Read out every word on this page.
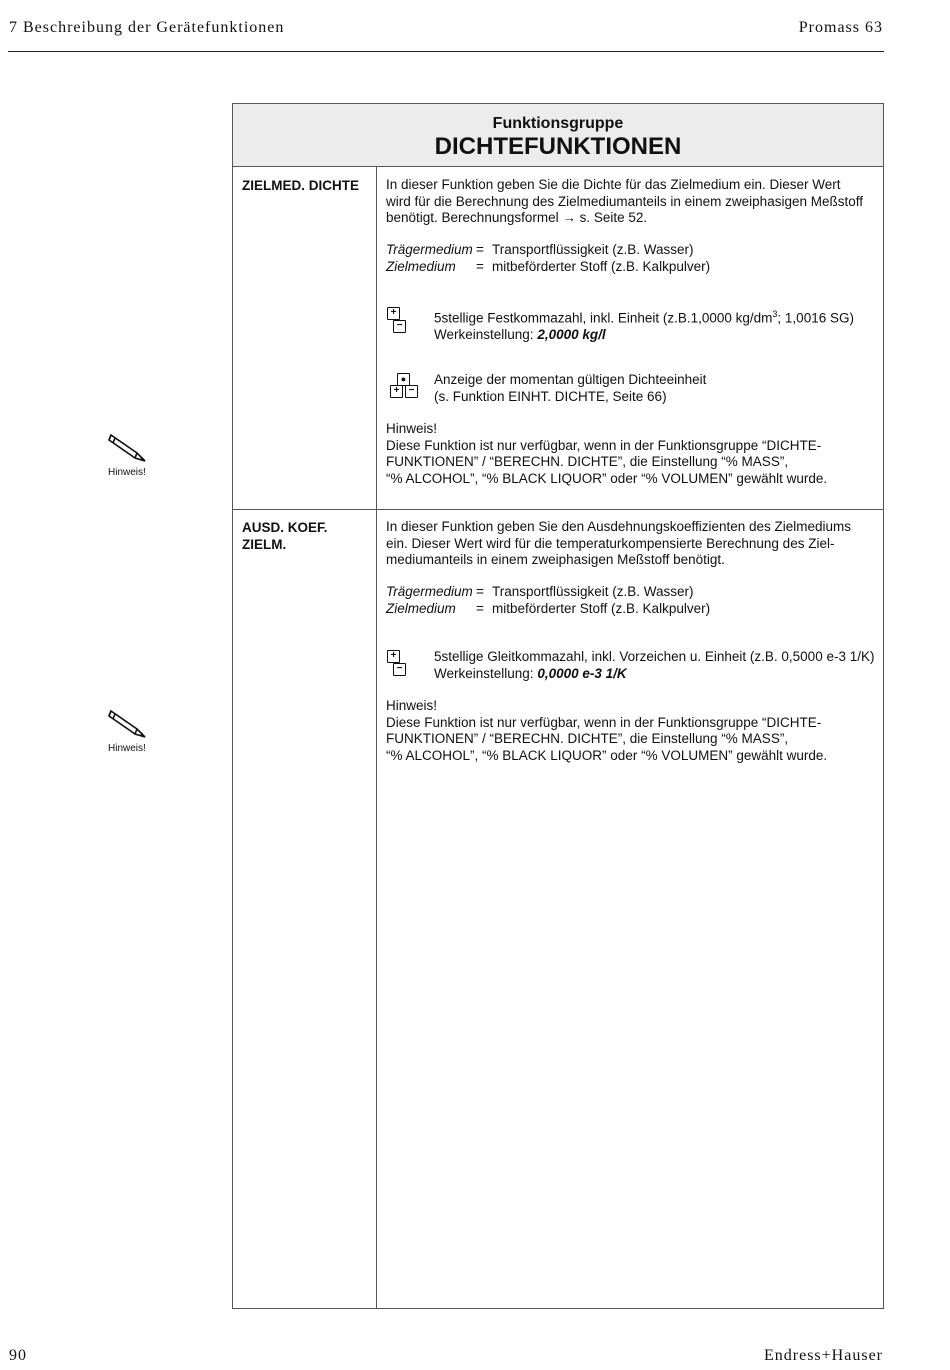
7 Beschreibung der Gerätefunktionen	Promass 63
Hinweis!
Hinweis!
Funktionsgruppe
DICHTEFUNKTIONEN
ZIELMED. DICHTE In dieser Funktion geben Sie die Dichte für das Zielmedium ein. Dieser Wert
wird für die Berechnung des Zielmediumanteils in einem zweiphasigen Meßstoff
benötigt. Berechnungsformel → s. Seite 52.
Trägermedium = Transportflüssigkeit (z.B. Wasser)
Zielmedium = mitbeförderter Stoff (z.B. Kalkpulver)
+
− 5stellige Festkommazahl, inkl. Einheit (z.B.1,0000 $kg/dm^3$; 1,0016 SG)
Werkeinstellung: 2,0000 kg/l
●
+ −
Anzeige der momentan gültigen Dichteeinheit
(s. Funktion EINHT. DICHTE, Seite 66)
Hinweis!
Diese Funktion ist nur verfügbar, wenn in der Funktionsgruppe “DICHTE-
FUNKTIONEN” / “BERECHN. DICHTE”, die Einstellung “% MASS”,
“% ALCOHOL”, “% BLACK LIQUOR” oder “% VOLUMEN” gewählt wurde.
AUSD. KOEF.
ZIELM.
In dieser Funktion geben Sie den Ausdehnungskoeffizienten des Zielmediums
ein. Dieser Wert wird für die temperaturkompensierte Berechnung des Ziel-
mediumanteils in einem zweiphasigen Meßstoff benötigt.
Trägermedium = Transportflüssigkeit (z.B. Wasser)
Zielmedium = mitbeförderter Stoff (z.B. Kalkpulver)
+
−
5stellige Gleitkommazahl, inkl. Vorzeichen u. Einheit (z.B. 0,5000 e-3 1/K)
Werkeinstellung: 0,0000 e-3 1/K
Hinweis!
Diese Funktion ist nur verfügbar, wenn in der Funktionsgruppe “DICHTE-
FUNKTIONEN” / “BERECHN. DICHTE”, die Einstellung “% MASS”,
“% ALCOHOL”, “% BLACK LIQUOR” oder “% VOLUMEN” gewählt wurde.
90	Endress+Hauser
